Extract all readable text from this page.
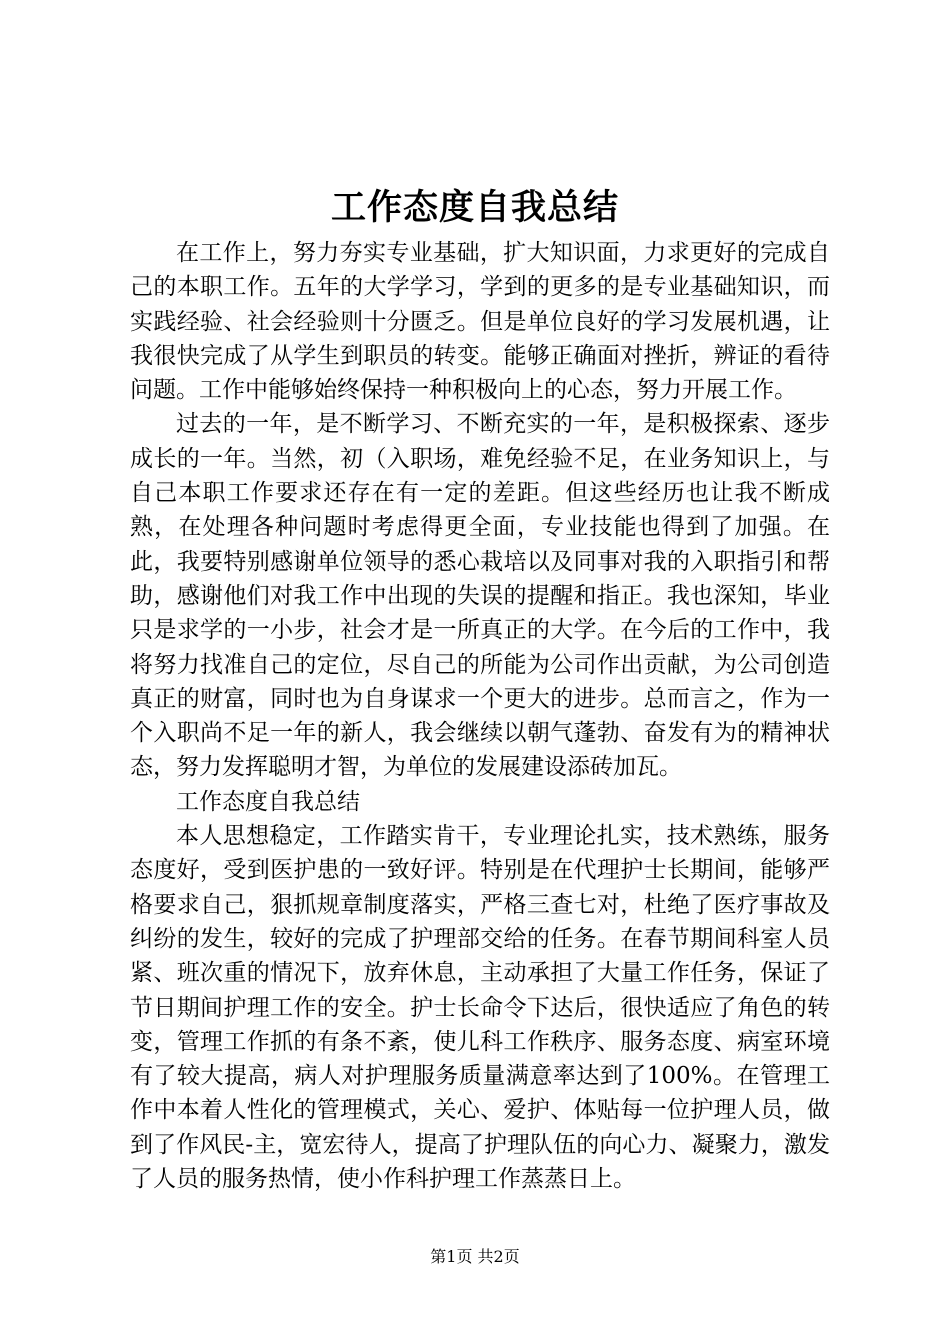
工作态度自我总结

在工作上，努力夯实专业基础，扩大知识面，力求更好的完成自己的本职工作。五年的大学学习，学到的更多的是专业基础知识，而实践经验、社会经验则十分匮乏。但是单位良好的学习发展机遇，让我很快完成了从学生到职员的转变。能够正确面对挫折，辨证的看待问题。工作中能够始终保持一种积极向上的心态，努力开展工作。

过去的一年，是不断学习、不断充实的一年，是积极探索、逐步成长的一年。当然，初（入职场，难免经验不足，在业务知识上，与自己本职工作要求还存在有一定的差距。但这些经历也让我不断成熟，在处理各种问题时考虑得更全面，专业技能也得到了加强。在此，我要特别感谢单位领导的悉心栽培以及同事对我的入职指引和帮助，感谢他们对我工作中出现的失误的提醒和指正。我也深知，毕业只是求学的一小步，社会才是一所真正的大学。在今后的工作中，我将努力找准自己的定位，尽自己的所能为公司作出贡献，为公司创造真正的财富，同时也为自身谋求一个更大的进步。总而言之，作为一个入职尚不足一年的新人，我会继续以朝气蓬勃、奋发有为的精神状态，努力发挥聪明才智，为单位的发展建设添砖加瓦。

工作态度自我总结

本人思想稳定，工作踏实肯干，专业理论扎实，技术熟练，服务态度好，受到医护患的一致好评。特别是在代理护士长期间，能够严格要求自己，狠抓规章制度落实，严格三查七对，杜绝了医疗事故及纠纷的发生，较好的完成了护理部交给的任务。在春节期间科室人员紧、班次重的情况下，放弃休息，主动承担了大量工作任务，保证了节日期间护理工作的安全。护士长命令下达后，很快适应了角色的转变，管理工作抓的有条不紊，使儿科工作秩序、服务态度、病室环境有了较大提高，病人对护理服务质量满意率达到了100%。在管理工作中本着人性化的管理模式，关心、爱护、体贴每一位护理人员，做到了作风民-主，宽宏待人，提高了护理队伍的向心力、凝聚力，激发了人员的服务热情，使小作科护理工作蒸蒸日上。

第1页 共2页
